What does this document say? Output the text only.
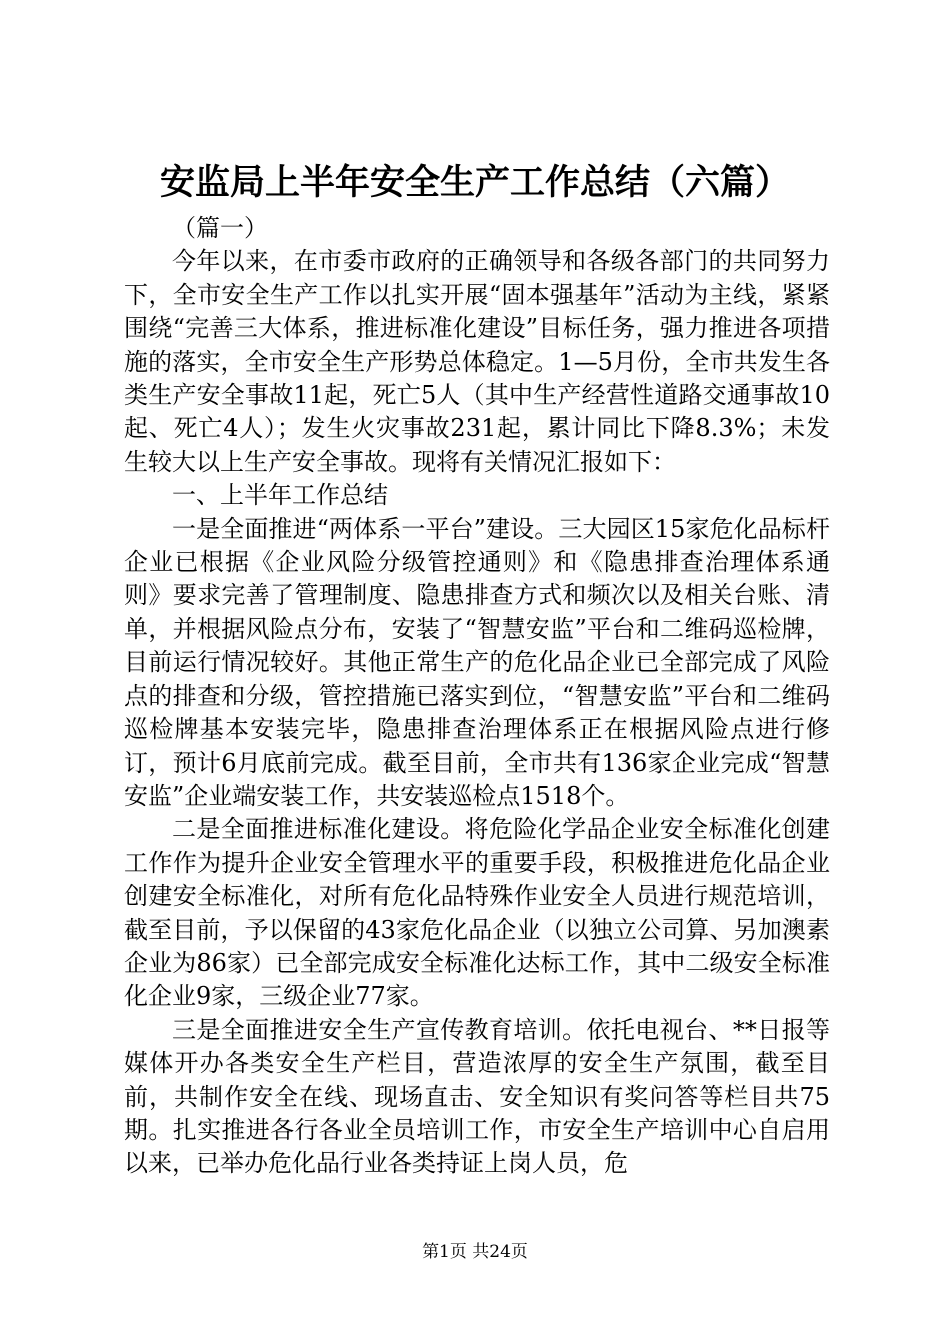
安监局上半年安全生产工作总结（六篇）

（篇一）

今年以来，在市委市政府的正确领导和各级各部门的共同努力下，全市安全生产工作以扎实开展“固本强基年”活动为主线，紧紧围绕“完善三大体系，推进标准化建设”目标任务，强力推进各项措施的落实，全市安全生产形势总体稳定。1—5月份，全市共发生各类生产安全事故11起，死亡5人（其中生产经营性道路交通事故10起、死亡4人）；发生火灾事故231起，累计同比下降8.3%；未发生较大以上生产安全事故。现将有关情况汇报如下：

一、上半年工作总结

一是全面推进“两体系一平台”建设。三大园区15家危化品标杆企业已根据《企业风险分级管控通则》和《隐患排查治理体系通则》要求完善了管理制度、隐患排查方式和频次以及相关台账、清单，并根据风险点分布，安装了“智慧安监”平台和二维码巡检牌，目前运行情况较好。其他正常生产的危化品企业已全部完成了风险点的排查和分级，管控措施已落实到位，“智慧安监”平台和二维码巡检牌基本安装完毕，隐患排查治理体系正在根据风险点进行修订，预计6月底前完成。截至目前，全市共有136家企业完成“智慧安监”企业端安装工作，共安装巡检点1518个。

二是全面推进标准化建设。将危险化学品企业安全标准化创建工作作为提升企业安全管理水平的重要手段，积极推进危化品企业创建安全标准化，对所有危化品特殊作业安全人员进行规范培训，截至目前，予以保留的43家危化品企业（以独立公司算、另加澳素企业为86家）已全部完成安全标准化达标工作，其中二级安全标准化企业9家，三级企业77家。

三是全面推进安全生产宣传教育培训。依托电视台、**日报等媒体开办各类安全生产栏目，营造浓厚的安全生产氛围，截至目前，共制作安全在线、现场直击、安全知识有奖问答等栏目共75期。扎实推进各行各业全员培训工作，市安全生产培训中心自启用以来，已举办危化品行业各类持证上岗人员，危

第1页 共24页
